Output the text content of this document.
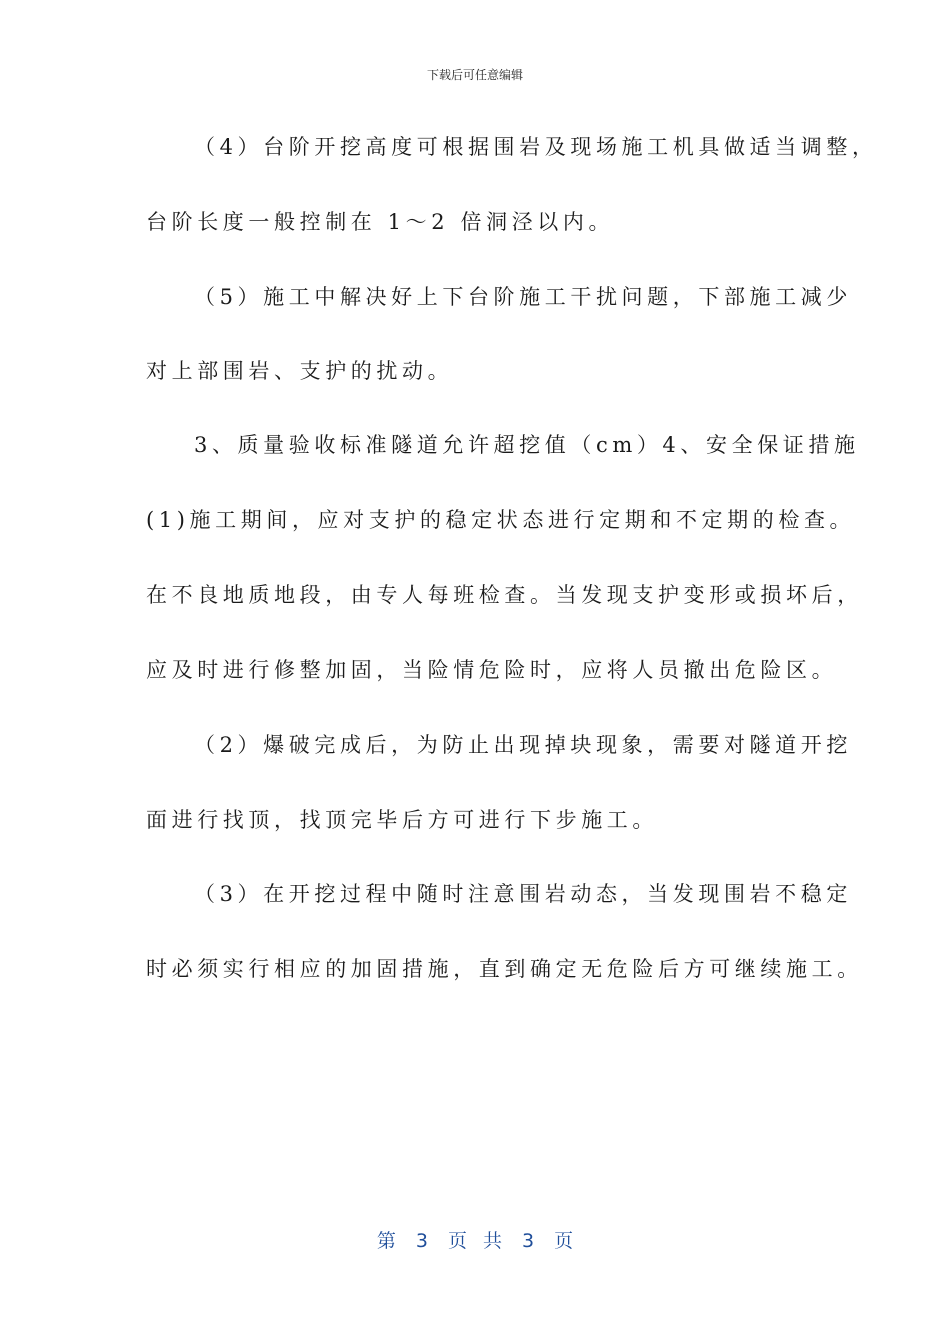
下载后可任意编辑
（4）台阶开挖高度可根据围岩及现场施工机具做适当调整，
台阶长度一般控制在 1～2 倍洞泾以内。
（5）施工中解决好上下台阶施工干扰问题，下部施工减少
对上部围岩、支护的扰动。
3、质量验收标准隧道允许超挖值（cm）4、安全保证措施
(1)施工期间，应对支护的稳定状态进行定期和不定期的检查。
在不良地质地段，由专人每班检查。当发现支护变形或损坏后，
应及时进行修整加固，当险情危险时，应将人员撤出危险区。
（2）爆破完成后，为防止出现掉块现象，需要对隧道开挖
面进行找顶，找顶完毕后方可进行下步施工。
（3）在开挖过程中随时注意围岩动态，当发现围岩不稳定
时必须实行相应的加固措施，直到确定无危险后方可继续施工。
第 3 页 共 3 页
